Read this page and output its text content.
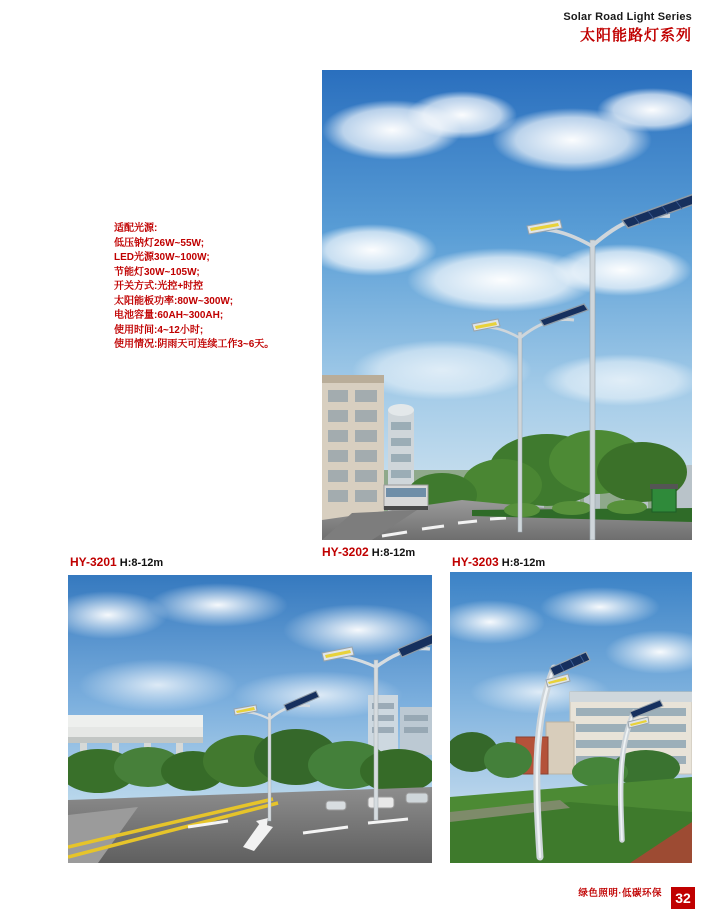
Solar Road Light Series
太阳能路灯系列
适配光源:
低压钠灯26W~55W;
LED光源30W~100W;
节能灯30W~105W;
开关方式:光控+时控
太阳能板功率:80W~300W;
电池容量:60AH~300AH;
使用时间:4~12小时;
使用情况:阴雨天可连续工作3~6天。
HY-3202 H:8-12m
HY-3201 H:8-12m	HY-3203 H:8-12m
绿色照明·低碳环保 32
